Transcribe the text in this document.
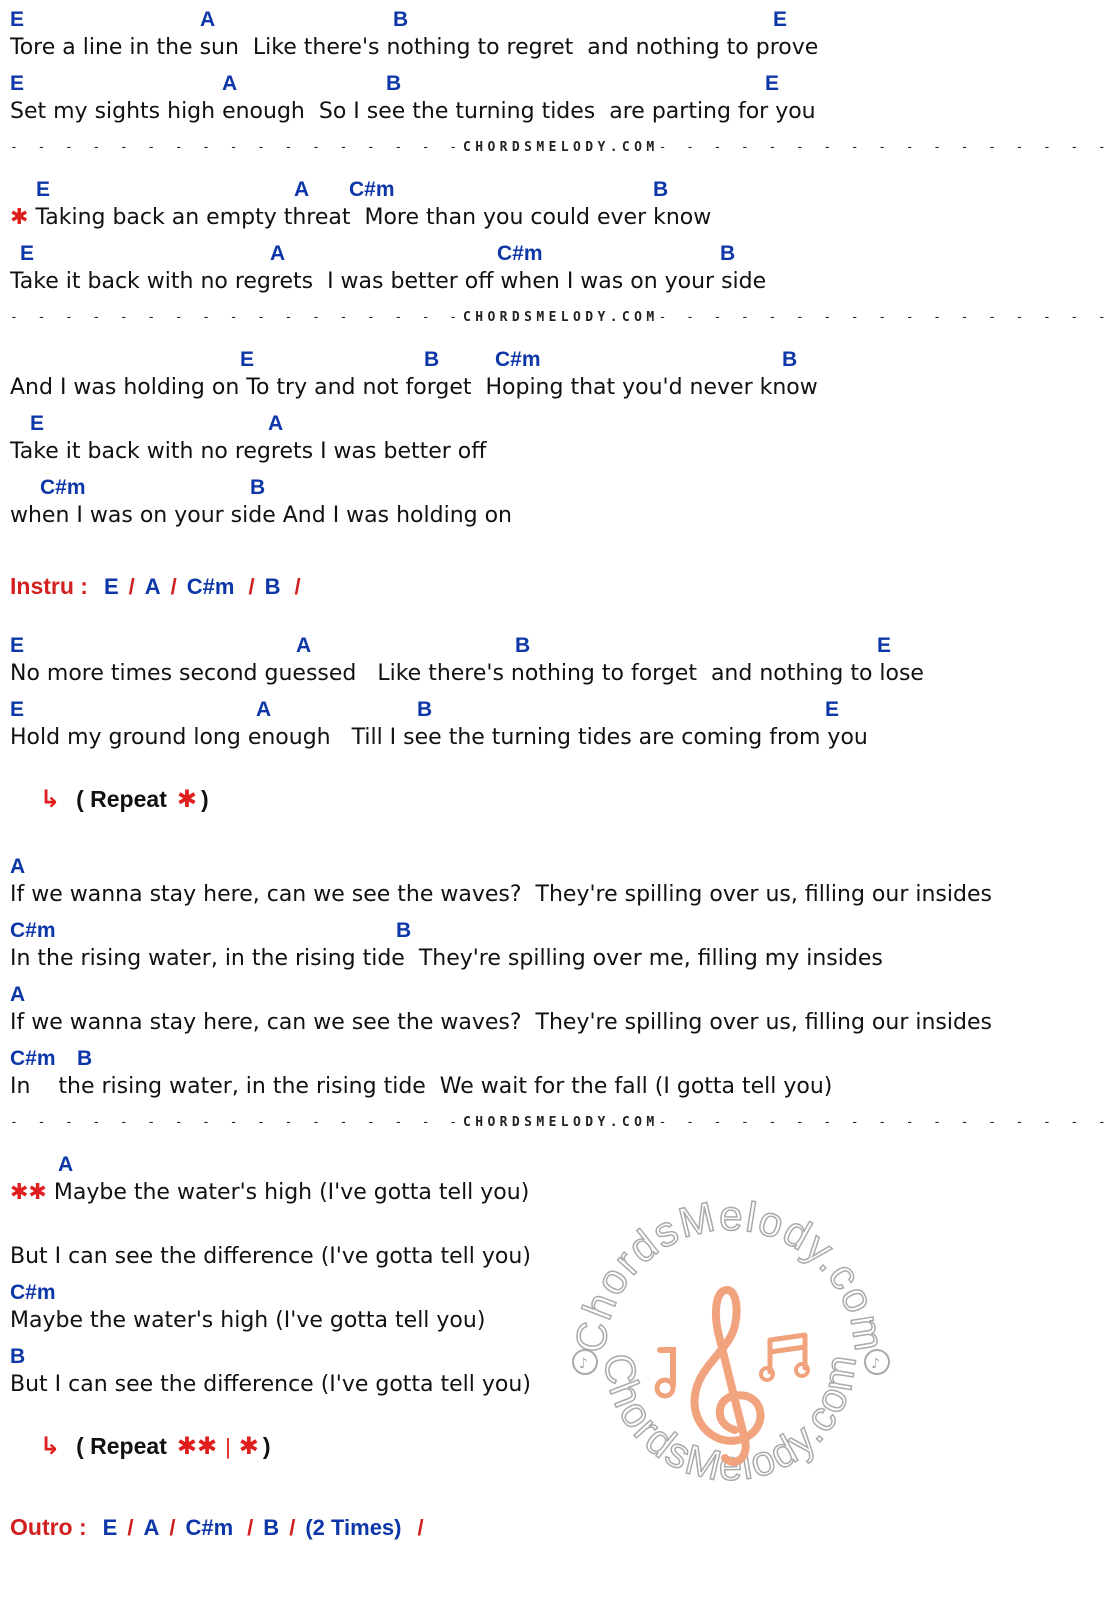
E	A	B	E
Tore a line in the sun  Like there's nothing to regret  and nothing to prove
E	A	B	E
Set my sights high enough  So I see the turning tides  are parting for you
- - - - - - - - - - - - - - - - - CHORDSMELODY.COM - - - - - - - - - - - - - - - - -
E	A C#m	B
✱ Taking back an empty threat  More than you could ever know
E	A	C#m	B
Take it back with no regrets  I was better off when I was on your side
- - - - - - - - - - - - - - - - - CHORDSMELODY.COM - - - - - - - - - - - - - - - - -
E	B	C#m	B
And I was holding on To try and not forget  Hoping that you'd never know
E	A
Take it back with no regrets I was better off
C#m	B
when I was on your side And I was holding on
Instru : E / A / C#m / B /
E	A	B	E
No more times second guessed   Like there's nothing to forget  and nothing to lose
E	A	B	E
Hold my ground long enough   Till I see the turning tides are coming from you
↳ ( Repeat ✱ )
A
If we wanna stay here, can we see the waves?  They're spilling over us, filling our insides
C#m	B
In the rising water, in the rising tide  They're spilling over me, filling my insides
A
If we wanna stay here, can we see the waves?  They're spilling over us, filling our insides
C#m B
In    the rising water, in the rising tide  We wait for the fall (I gotta tell you)
- - - - - - - - - - - - - - - - - CHORDSMELODY.COM - - - - - - - - - - - - - - - - -
A
✱✱ Maybe the water's high (I've gotta tell you)
But I can see the difference (I've gotta tell you)
C#m
Maybe the water's high (I've gotta tell you)
B
But I can see the difference (I've gotta tell you)
↳ ( Repeat ✱✱ | ✱ )
Outro : E / A / C#m / B / (2 Times) /
ChordsMelody.com
ChordsMelody.com
♪	♪
